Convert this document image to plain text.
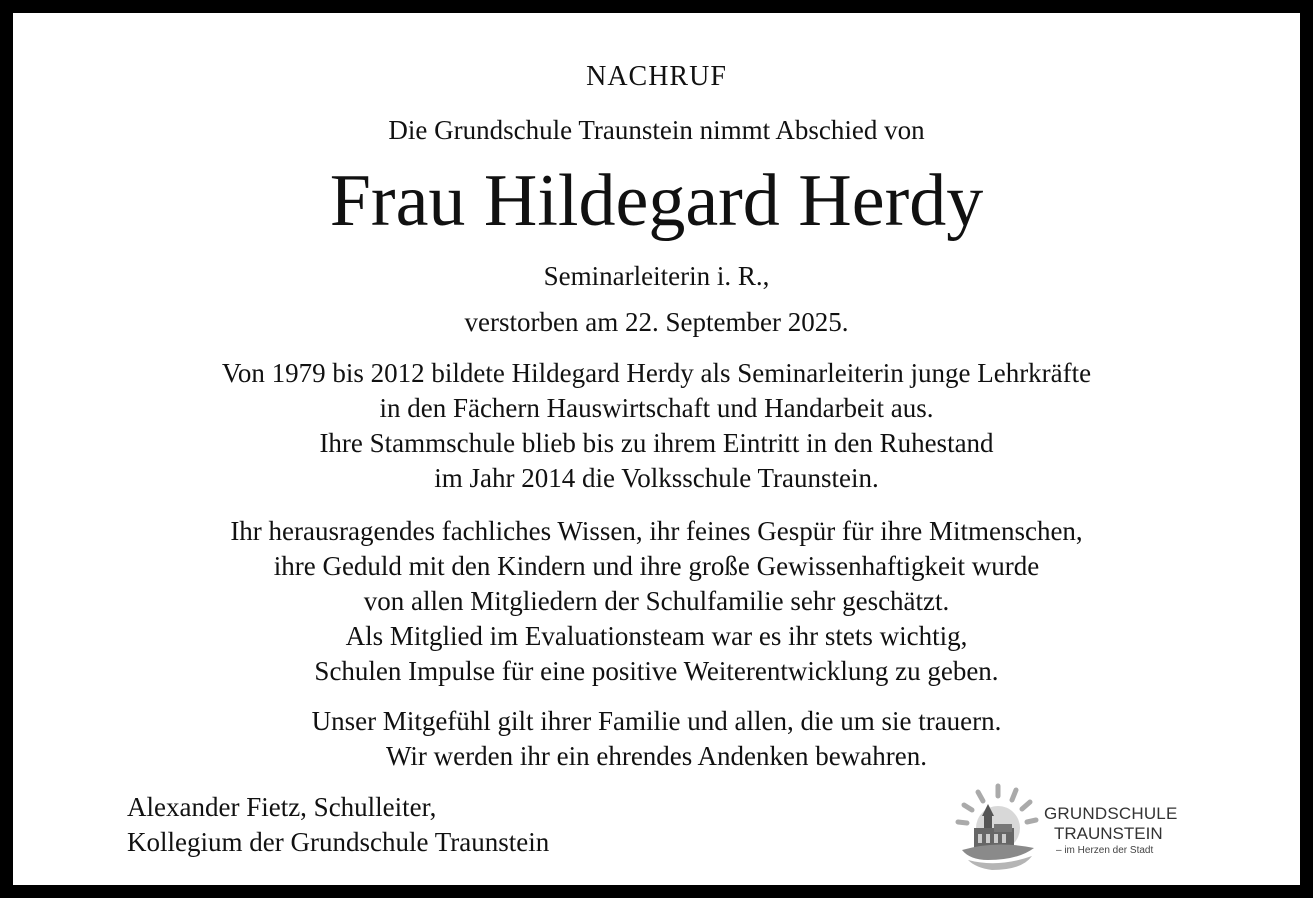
NACHRUF
Die Grundschule Traunstein nimmt Abschied von
Frau Hildegard Herdy
Seminarleiterin i. R.,
verstorben am 22. September 2025.
Von 1979 bis 2012 bildete Hildegard Herdy als Seminarleiterin junge Lehrkräfte
in den Fächern Hauswirtschaft und Handarbeit aus.
Ihre Stammschule blieb bis zu ihrem Eintritt in den Ruhestand
im Jahr 2014 die Volksschule Traunstein.
Ihr herausragendes fachliches Wissen, ihr feines Gespür für ihre Mitmenschen,
ihre Geduld mit den Kindern und ihre große Gewissenhaftigkeit wurde
von allen Mitgliedern der Schulfamilie sehr geschätzt.
Als Mitglied im Evaluationsteam war es ihr stets wichtig,
Schulen Impulse für eine positive Weiterentwicklung zu geben.
Unser Mitgefühl gilt ihrer Familie und allen, die um sie trauern.
Wir werden ihr ein ehrendes Andenken bewahren.
Alexander Fietz, Schulleiter,
Kollegium der Grundschule Traunstein
GRUNDSCHULE
TRAUNSTEIN
– im Herzen der Stadt
